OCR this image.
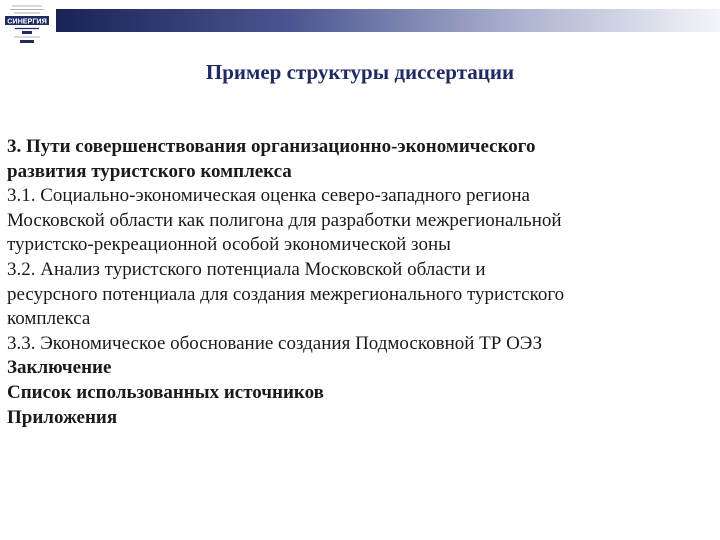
СИНЕРГИЯ
Пример структуры диссертации
3. Пути совершенствования организационно-экономического
развития туристского комплекса
3.1. Социально-экономическая оценка северо-западного региона
Московской области как полигона для разработки межрегиональной
туристско-рекреационной особой экономической зоны
3.2. Анализ туристского потенциала Московской области и
ресурсного потенциала для создания межрегионального туристского
комплекса
3.3. Экономическое обоснование создания Подмосковной ТР ОЭЗ
Заключение
Список использованных источников
Приложения
